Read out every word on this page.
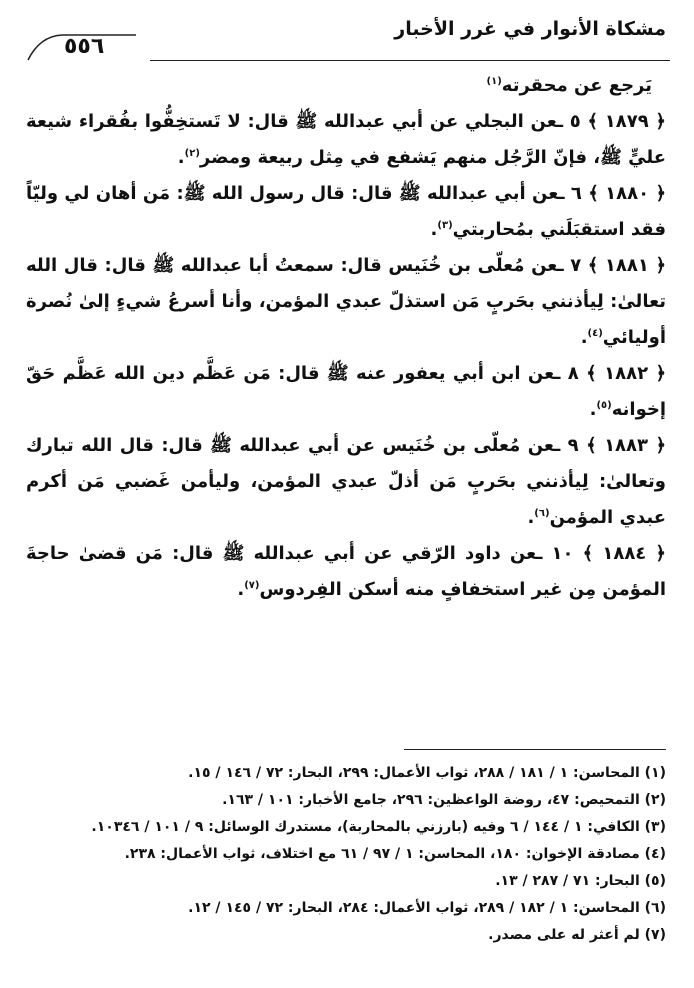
مشكاة الأنوار في غرر الأخبار
٥٥٦

يَرجع عن محقرته$^{(١)}$

﴿ ١٨٧٩ ﴾ ٥ ـعن البجلي عن أبي عبدالله ﷺ قال: لا تَستخِفُّوا بفُقراء شيعة عليٍّ ﷺ، فإنّ الرَّجُل منهم يَشفع في مِثل ربيعة ومضر$^{(٢)}$.

﴿ ١٨٨٠ ﴾ ٦ ـعن أبي عبدالله ﷺ قال: قال رسول الله ﷺ: مَن أهان لي وليّاً فقد استقبَلَني بمُحاربتي$^{(٣)}$.

﴿ ١٨٨١ ﴾ ٧ ـعن مُعلّى بن خُنَيس قال: سمعتُ أبا عبدالله ﷺ قال: قال الله تعالىٰ: لِيأذنني بحَربٍ مَن استذلّ عبدي المؤمن، وأنا أسرعُ شيءٍ إلىٰ نُصرة أوليائي$^{(٤)}$.

﴿ ١٨٨٢ ﴾ ٨ ـعن ابن أبي يعفور عنه ﷺ قال: مَن عَظَّم دين الله عَظَّم حَقّ إخوانه$^{(٥)}$.

﴿ ١٨٨٣ ﴾ ٩ ـعن مُعلّى بن خُنَيس عن أبي عبدالله ﷺ قال: قال الله تبارك وتعالىٰ: لِيأذنني بحَربٍ مَن أذلّ عبدي المؤمن، وليأمن غَضبي مَن أكرم عبدي المؤمن$^{(٦)}$.

﴿ ١٨٨٤ ﴾ ١٠ ـعن داود الرّقي عن أبي عبدالله ﷺ قال: مَن قضىٰ حاجةَ المؤمن مِن غير استخفافٍ منه أسكن الفِردوس$^{(٧)}$.

(١) المحاسن: ١ / ١٨١ / ٢٨٨، ثواب الأعمال: ٢٩٩، البحار: ٧٢ / ١٤٦ / ١٥.

(٢) التمحيص: ٤٧، روضة الواعظين: ٢٩٦، جامع الأخبار: ١٠١ / ١٦٣.

(٣) الكافي: ١ / ١٤٤ / ٦ وفيه (بارزني بالمحاربة)، مستدرك الوسائل: ٩ / ١٠١ / ١٠٣٤٦.

(٤) مصادقة الإخوان: ١٨٠، المحاسن: ١ / ٩٧ / ٦١ مع اختلاف، ثواب الأعمال: ٢٣٨.

(٥) البحار: ٧١ / ٢٨٧ / ١٣.

(٦) المحاسن: ١ / ١٨٢ / ٢٨٩، ثواب الأعمال: ٢٨٤، البحار: ٧٢ / ١٤٥ / ١٢.

(٧) لم أعثر له على مصدر.
